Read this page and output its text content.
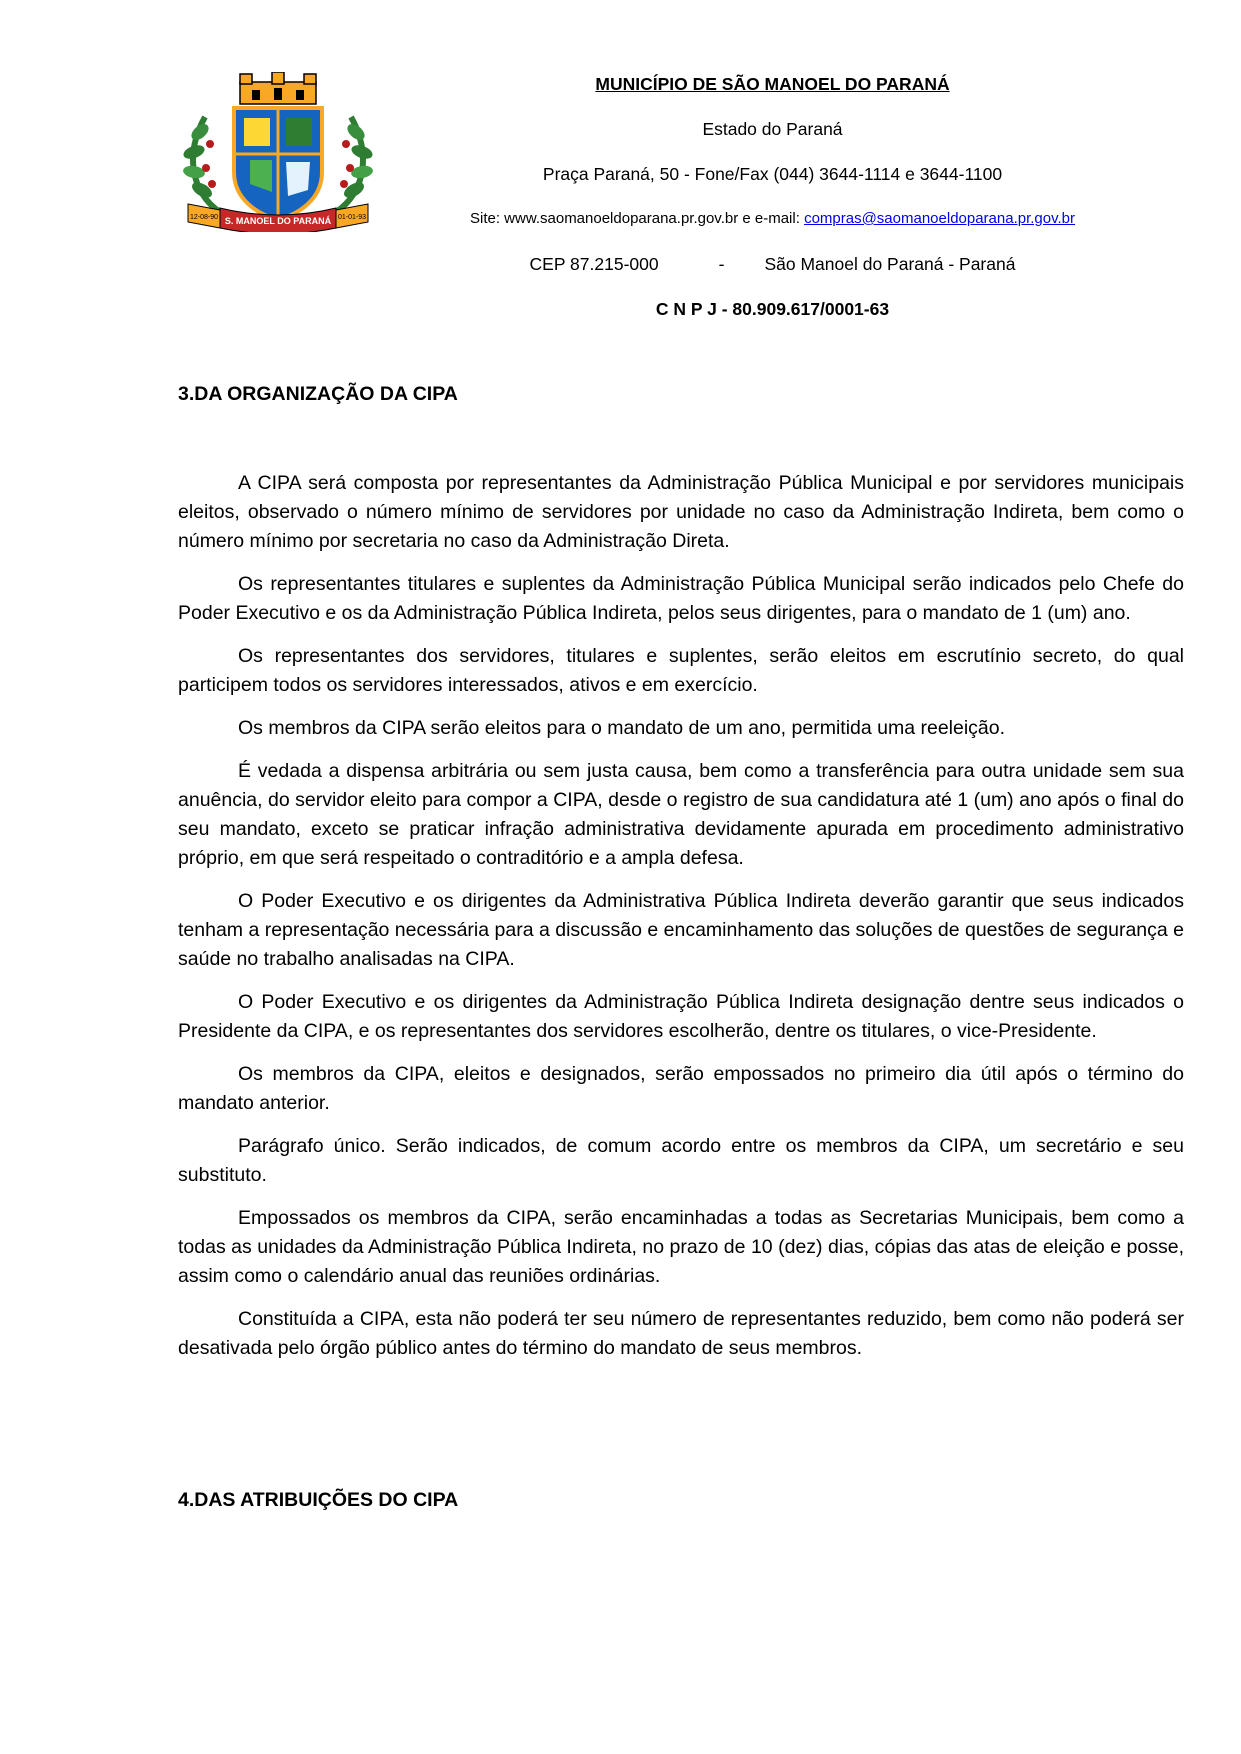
S. MANOEL DO PARANÁ
12-08-90	01-01-93
MUNICÍPIO DE SÃO MANOEL DO PARANÁ
Estado do Paraná
Praça Paraná, 50 - Fone/Fax (044) 3644-1114 e 3644-1100
Site: www.saomanoeldoparana.pr.gov.br e e-mail: compras@saomanoeldoparana.pr.gov.br
CEP 87.215-000	- São Manoel do Paraná - Paraná
C N P J - 80.909.617/0001-63
3.DA ORGANIZAÇÃO DA CIPA

A CIPA será composta por representantes da Administração Pública Municipal e por servidores municipais eleitos, observado o número mínimo de servidores por unidade no caso da Administração Indireta, bem como o número mínimo por secretaria no caso da Administração Direta.

Os representantes titulares e suplentes da Administração Pública Municipal serão indicados pelo Chefe do Poder Executivo e os da Administração Pública Indireta, pelos seus dirigentes, para o mandato de 1 (um) ano.

Os representantes dos servidores, titulares e suplentes, serão eleitos em escrutínio secreto, do qual participem todos os servidores interessados, ativos e em exercício.

Os membros da CIPA serão eleitos para o mandato de um ano, permitida uma reeleição.

É vedada a dispensa arbitrária ou sem justa causa, bem como a transferência para outra unidade sem sua anuência, do servidor eleito para compor a CIPA, desde o registro de sua candidatura até 1 (um) ano após o final do seu mandato, exceto se praticar infração administrativa devidamente apurada em procedimento administrativo próprio, em que será respeitado o contraditório e a ampla defesa.

O Poder Executivo e os dirigentes da Administrativa Pública Indireta deverão garantir que seus indicados tenham a representação necessária para a discussão e encaminhamento das soluções de questões de segurança e saúde no trabalho analisadas na CIPA.

O Poder Executivo e os dirigentes da Administração Pública Indireta designação dentre seus indicados o Presidente da CIPA, e os representantes dos servidores escolherão, dentre os titulares, o vice-Presidente.

Os membros da CIPA, eleitos e designados, serão empossados no primeiro dia útil após o término do mandato anterior.

Parágrafo único. Serão indicados, de comum acordo entre os membros da CIPA, um secretário e seu substituto.

Empossados os membros da CIPA, serão encaminhadas a todas as Secretarias Municipais, bem como a todas as unidades da Administração Pública Indireta, no prazo de 10 (dez) dias, cópias das atas de eleição e posse, assim como o calendário anual das reuniões ordinárias.

Constituída a CIPA, esta não poderá ter seu número de representantes reduzido, bem como não poderá ser desativada pelo órgão público antes do término do mandato de seus membros.

4.DAS ATRIBUIÇÕES DO CIPA
